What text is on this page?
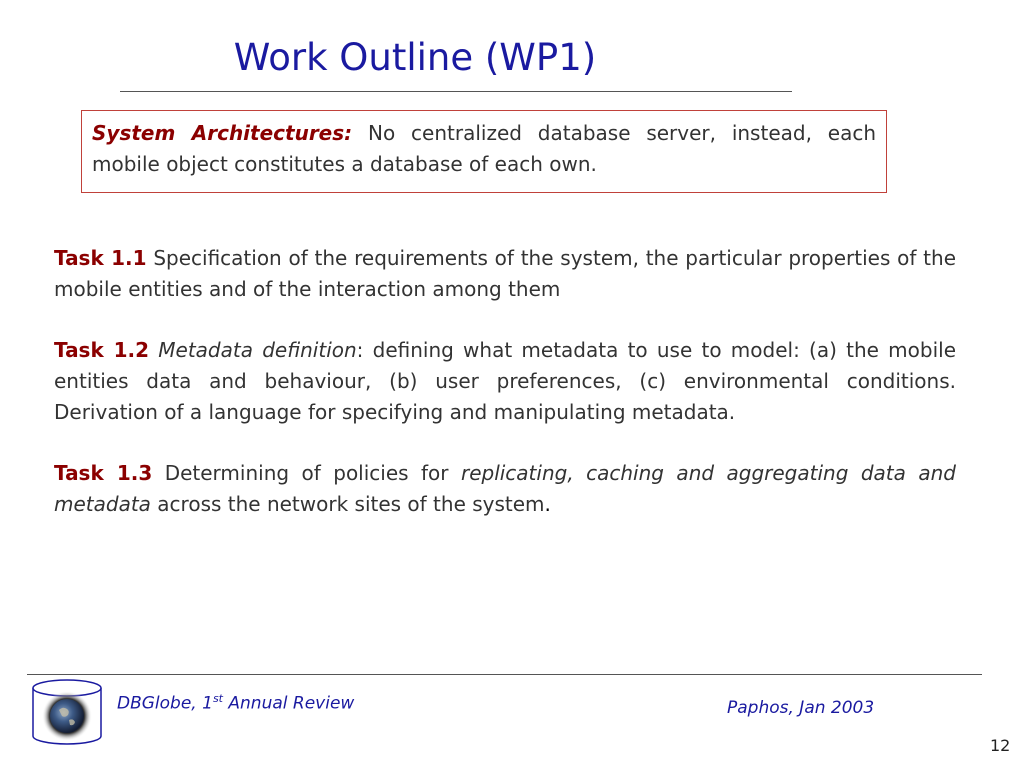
Work Outline (WP1)
System Architectures: No centralized database server, instead, each mobile object constitutes a database of each own.
Task 1.1 Specification of the requirements of the system, the particular properties of the mobile entities and of the interaction among them
Task 1.2 Metadata definition: defining what metadata to use to model: (a) the mobile entities data and behaviour, (b) user preferences, (c) environmental conditions. Derivation of a language for specifying and manipulating metadata.
Task 1.3 Determining of policies for replicating, caching and aggregating data and metadata across the network sites of the system.
DBGlobe, 1st Annual Review	Paphos, Jan 2003
12
